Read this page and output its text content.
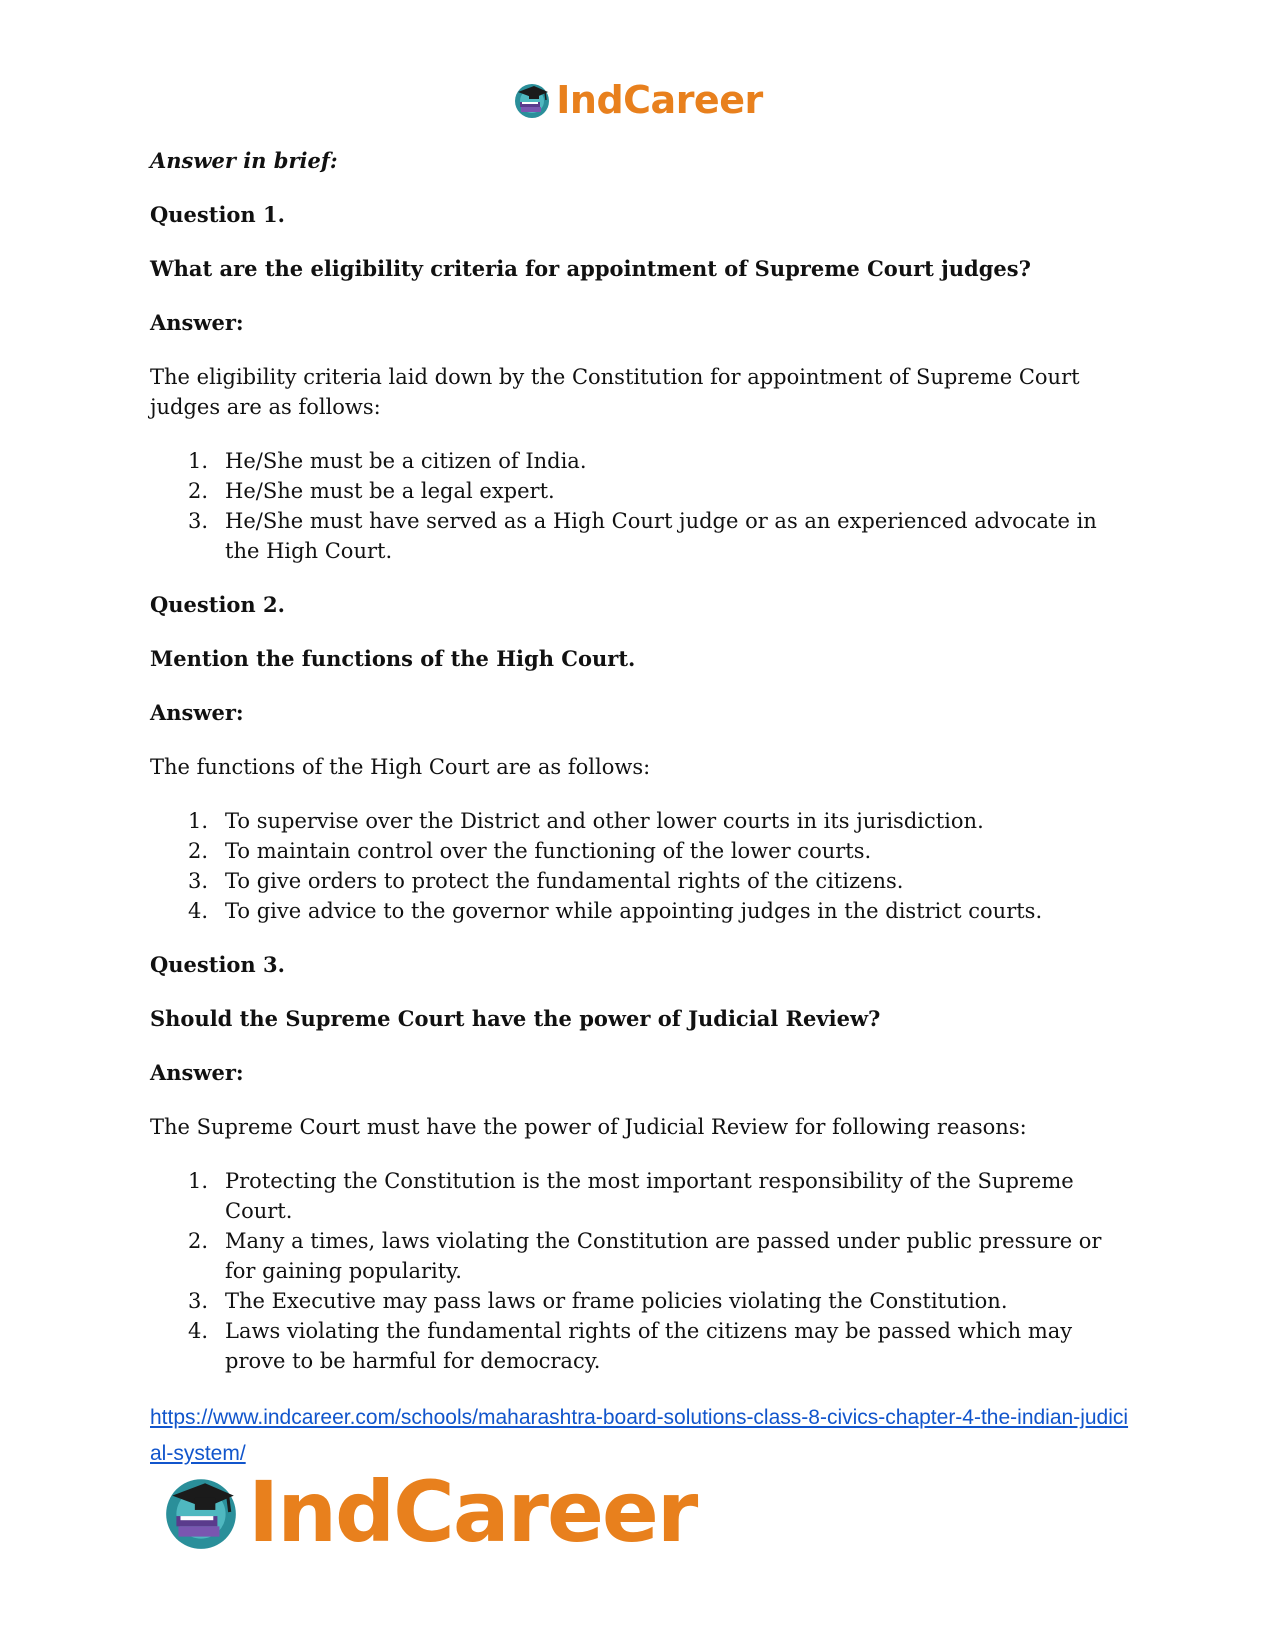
IndCareer

Answer in brief:

Question 1.

What are the eligibility criteria for appointment of Supreme Court judges?

Answer:

The eligibility criteria laid down by the Constitution for appointment of Supreme Court judges are as follows:

1. He/She must be a citizen of India.
2. He/She must be a legal expert.
3. He/She must have served as a High Court judge or as an experienced advocate in the High Court.

Question 2.

Mention the functions of the High Court.

Answer:

The functions of the High Court are as follows:

1. To supervise over the District and other lower courts in its jurisdiction.
2. To maintain control over the functioning of the lower courts.
3. To give orders to protect the fundamental rights of the citizens.
4. To give advice to the governor while appointing judges in the district courts.

Question 3.

Should the Supreme Court have the power of Judicial Review?

Answer:

The Supreme Court must have the power of Judicial Review for following reasons:

1. Protecting the Constitution is the most important responsibility of the Supreme Court.
2. Many a times, laws violating the Constitution are passed under public pressure or for gaining popularity.
3. The Executive may pass laws or frame policies violating the Constitution.
4. Laws violating the fundamental rights of the citizens may be passed which may prove to be harmful for democracy.
https://www.indcareer.com/schools/maharashtra-board-solutions-class-8-civics-chapter-4-the-indian-judicial-system/
IndCareer
